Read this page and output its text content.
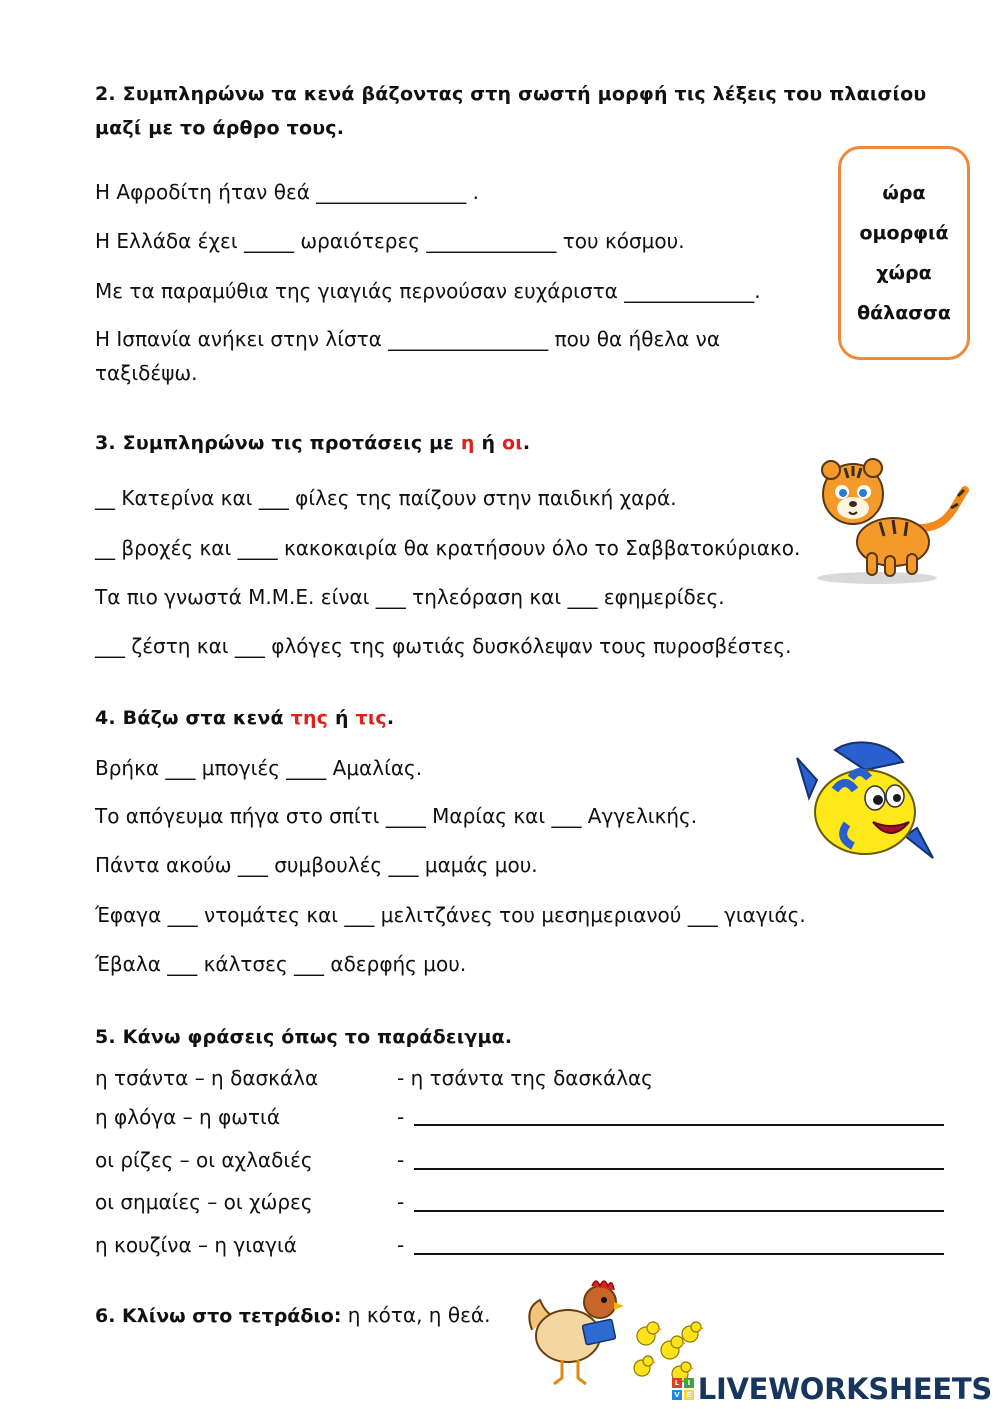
2. Συμπληρώνω τα κενά βάζοντας στη σωστή μορφή τις λέξεις του πλαισίου
μαζί με το άρθρο τους.
Η Αφροδίτη ήταν θεά _______________ .
Η Ελλάδα έχει _____ ωραιότερες _____________ του κόσμου.
Με τα παραμύθια της γιαγιάς περνούσαν ευχάριστα _____________.
Η Ισπανία ανήκει στην λίστα ________________ που θα ήθελα να
ταξιδέψω.
ώρα
ομορφιά
χώρα
θάλασσα
3. Συμπληρώνω τις προτάσεις με η ή οι.
__ Κατερίνα και ___ φίλες της παίζουν στην παιδική χαρά.
__ βροχές και ____ κακοκαιρία θα κρατήσουν όλο το Σαββατοκύριακο.
Τα πιο γνωστά Μ.Μ.Ε. είναι ___ τηλεόραση και ___ εφημερίδες.
___ ζέστη και ___ φλόγες της φωτιάς δυσκόλεψαν τους πυροσβέστες.
4. Βάζω στα κενά της ή τις.
Βρήκα ___ μπογιές ____ Αμαλίας.
Το απόγευμα πήγα στο σπίτι ____ Μαρίας και ___ Αγγελικής.
Πάντα ακούω ___ συμβουλές ___ μαμάς μου.
Έφαγα ___ ντομάτες και ___ μελιτζάνες του μεσημεριανού ___ γιαγιάς.
Έβαλα ___ κάλτσες ___ αδερφής μου.
5. Κάνω φράσεις όπως το παράδειγμα.
η τσάντα – η δασκάλα	- η τσάντα της δασκάλας
η φλόγα – η φωτιά	-
οι ρίζες – οι αχλαδιές	-
οι σημαίες – οι χώρες	-
η κουζίνα – η γιαγιά	-
6. Κλίνω στο τετράδιο: η κότα, η θεά.
L	I
V	E LIVEWORKSHEETS
